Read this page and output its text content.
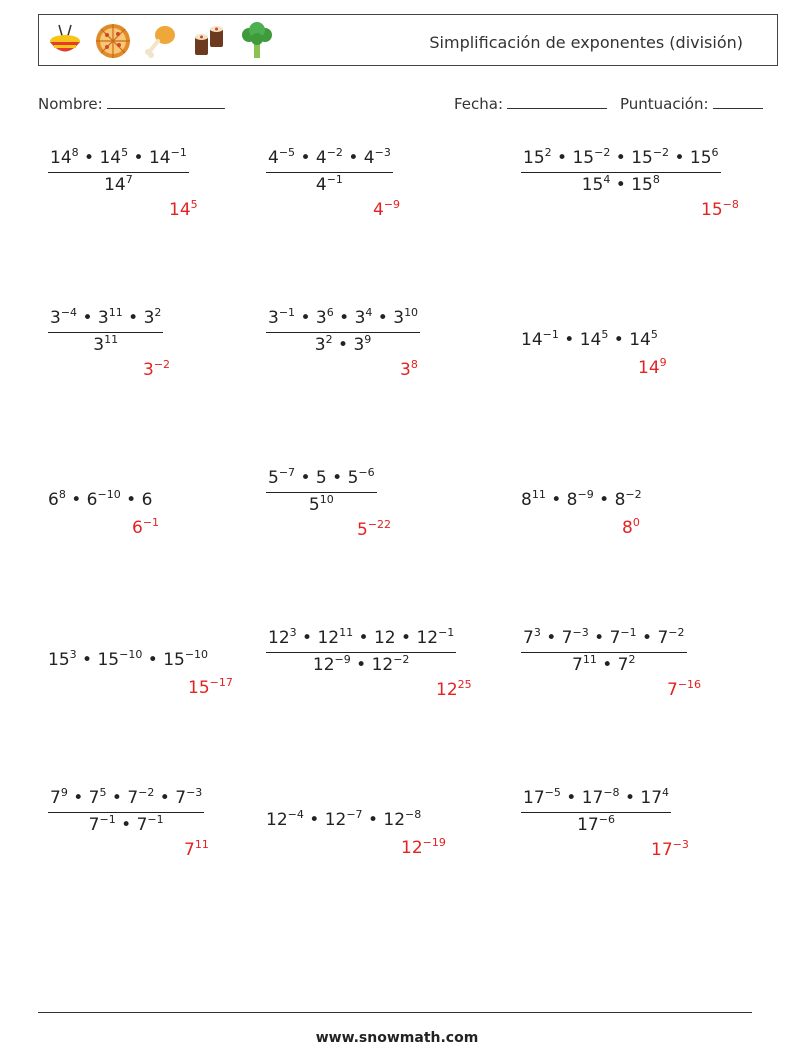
Simplificación de exponentes (división)
Nombre:	Fecha:	Puntuación:
$\frac{14^8 • 14^5 • 14^{-1}}{14^7}$
$14^5$
$\frac{4^{-5} • 4^{-2} • 4^{-3}}{4^{-1}}$
$4^{-9}$
$\frac{15^2 • 15^{-2} • 15^{-2} • 15^6}{15^4 • 15^8}$
$15^{-8}$
$\frac{3^{-4} • 3^{11} • 3^2}{3^{11}}$
$3^{-2}$
$\frac{3^{-1} • 3^6 • 3^4 • 3^{10}}{3^2 • 3^9}$
$3^8$
$14^{-1}$ • $14^5$ • $14^5$
$14^9$
$6^8$ • $6^{-10}$ • 6
$6^{-1}$
$\frac{5^{-7} • 5 • 5^{-6}}{5^{10}}$
$5^{-22}$
$8^{11}$ • $8^{-9}$ • $8^{-2}$
$8^0$
$15^3$ • $15^{-10}$ • $15^{-10}$
$15^{-17}$
$\frac{12^3 • 12^{11} • 12 • 12^{-1}}{12^{-9} • 12^{-2}}$
$12^{25}$
$\frac{7^3 • 7^{-3} • 7^{-1} • 7^{-2}}{7^{11} • 7^2}$
$7^{-16}$
$\frac{7^9 • 7^5 • 7^{-2} • 7^{-3}}{7^{-1} • 7^{-1}}$
$7^{11}$
$12^{-4}$ • $12^{-7}$ • $12^{-8}$
$12^{-19}$
$\frac{17^{-5} • 17^{-8} • 17^4}{17^{-6}}$
$17^{-3}$
www.snowmath.com
